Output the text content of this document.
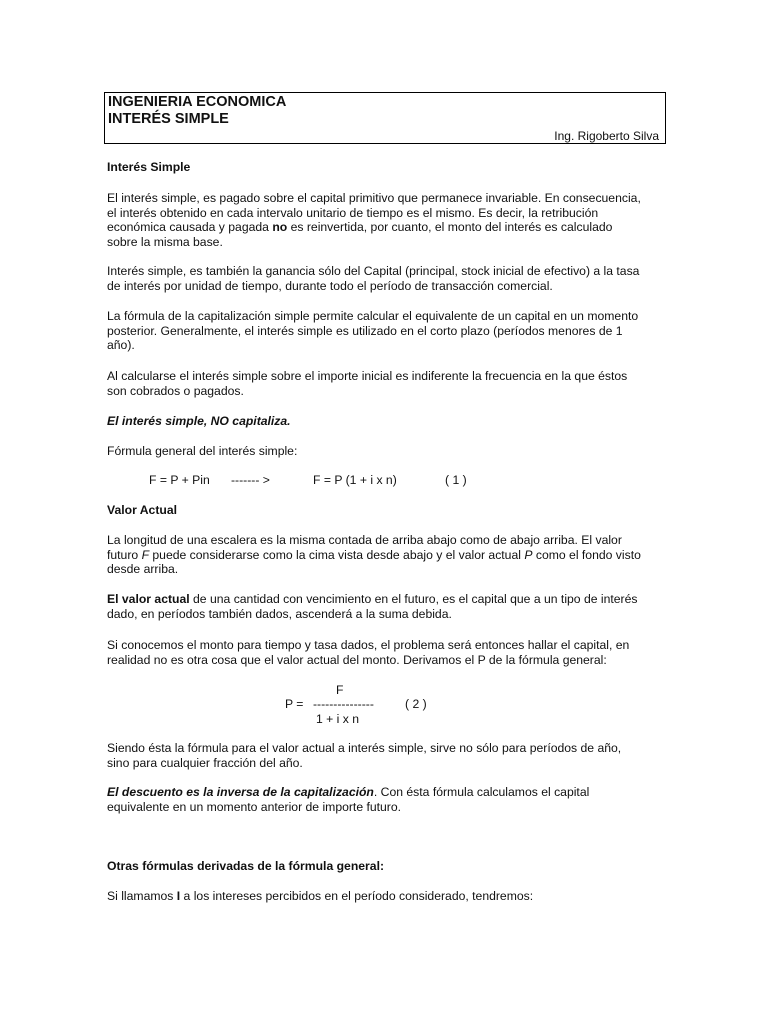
INGENIERIA ECONOMICA
INTERÉS SIMPLE
Ing. Rigoberto Silva
Interés Simple
El interés simple, es pagado sobre el capital primitivo que permanece invariable. En consecuencia,
el interés obtenido en cada intervalo unitario de tiempo es el mismo. Es decir, la retribución
económica causada y pagada no es reinvertida, por cuanto, el monto del interés es calculado
sobre la misma base.
Interés simple, es también la ganancia sólo del Capital (principal, stock inicial de efectivo) a la tasa
de interés por unidad de tiempo, durante todo el período de transacción comercial.
La fórmula de la capitalización simple permite calcular el equivalente de un capital en un momento
posterior. Generalmente, el interés simple es utilizado en el corto plazo (períodos menores de 1
año).
Al calcularse el interés simple sobre el importe inicial es indiferente la frecuencia en la que éstos
son cobrados o pagados.
El interés simple, NO capitaliza.
Fórmula general del interés simple:
F = P + Pin ------- >	F = P (1 + i x n)	( 1 )
Valor Actual
La longitud de una escalera es la misma contada de arriba abajo como de abajo arriba. El valor
futuro F puede considerarse como la cima vista desde abajo y el valor actual P como el fondo visto
desde arriba.
El valor actual de una cantidad con vencimiento en el futuro, es el capital que a un tipo de interés
dado, en períodos también dados, ascenderá a la suma debida.
Si conocemos el monto para tiempo y tasa dados, el problema será entonces hallar el capital, en
realidad no es otra cosa que el valor actual del monto. Derivamos el P de la fórmula general:
F
P = ---------------	( 2 )
1 + i x n
Siendo ésta la fórmula para el valor actual a interés simple, sirve no sólo para períodos de año,
sino para cualquier fracción del año.
El descuento es la inversa de la capitalización. Con ésta fórmula calculamos el capital
equivalente en un momento anterior de importe futuro.
Otras fórmulas derivadas de la fórmula general:
Si llamamos I a los intereses percibidos en el período considerado, tendremos:
